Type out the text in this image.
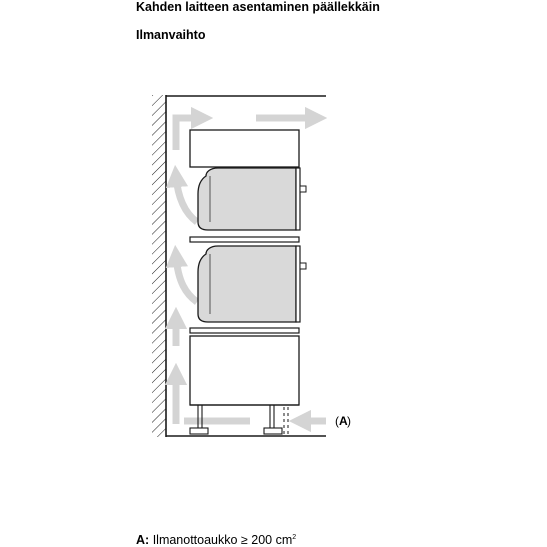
Kahden laitteen asentaminen päällekkäin
Ilmanvaihto
( A )
A: Ilmanottoaukko ≥ 200 $cm^2$
